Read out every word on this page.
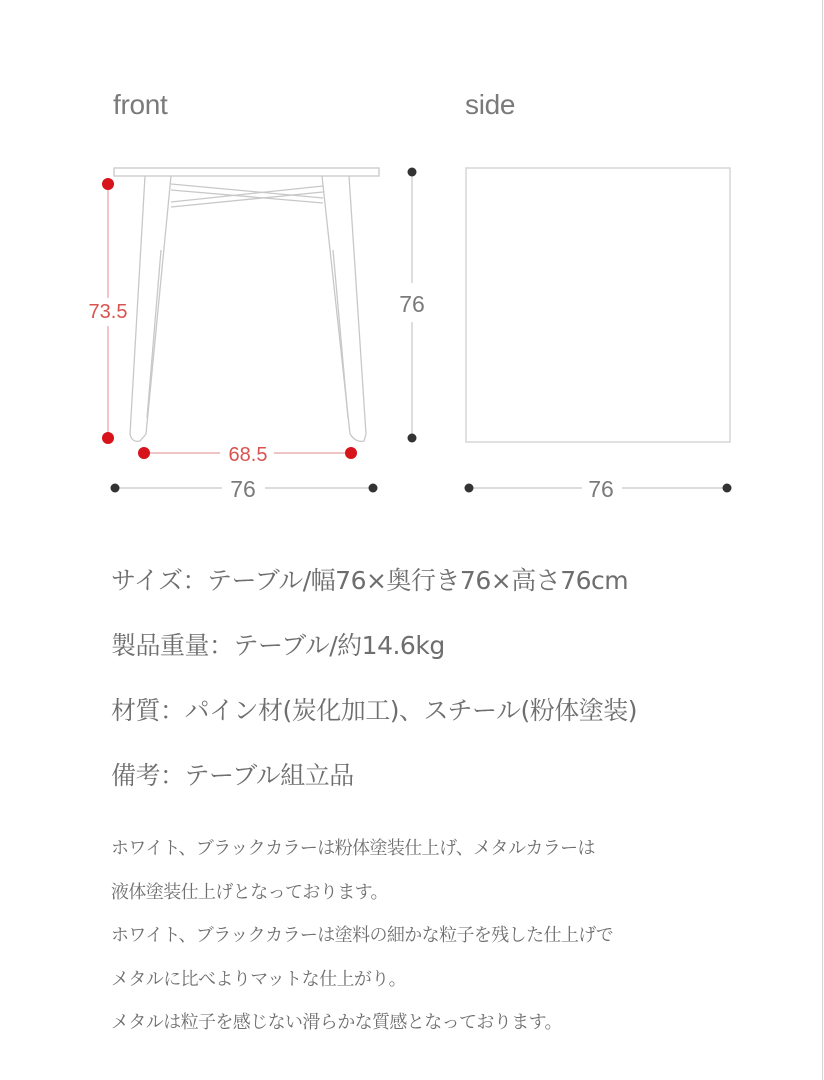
front	side
73.5
68.5
76
76
76
サイズ：テーブル/幅76×奥行き76×高さ76cm
製品重量：テーブル/約14.6kg
材質：パイン材(炭化加工)、スチール(粉体塗装)
備考：テーブル組立品
ホワイト、ブラックカラーは粉体塗装仕上げ、メタルカラーは
液体塗装仕上げとなっております。
ホワイト、ブラックカラーは塗料の細かな粒子を残した仕上げで
メタルに比べよりマットな仕上がり。
メタルは粒子を感じない滑らかな質感となっております。
